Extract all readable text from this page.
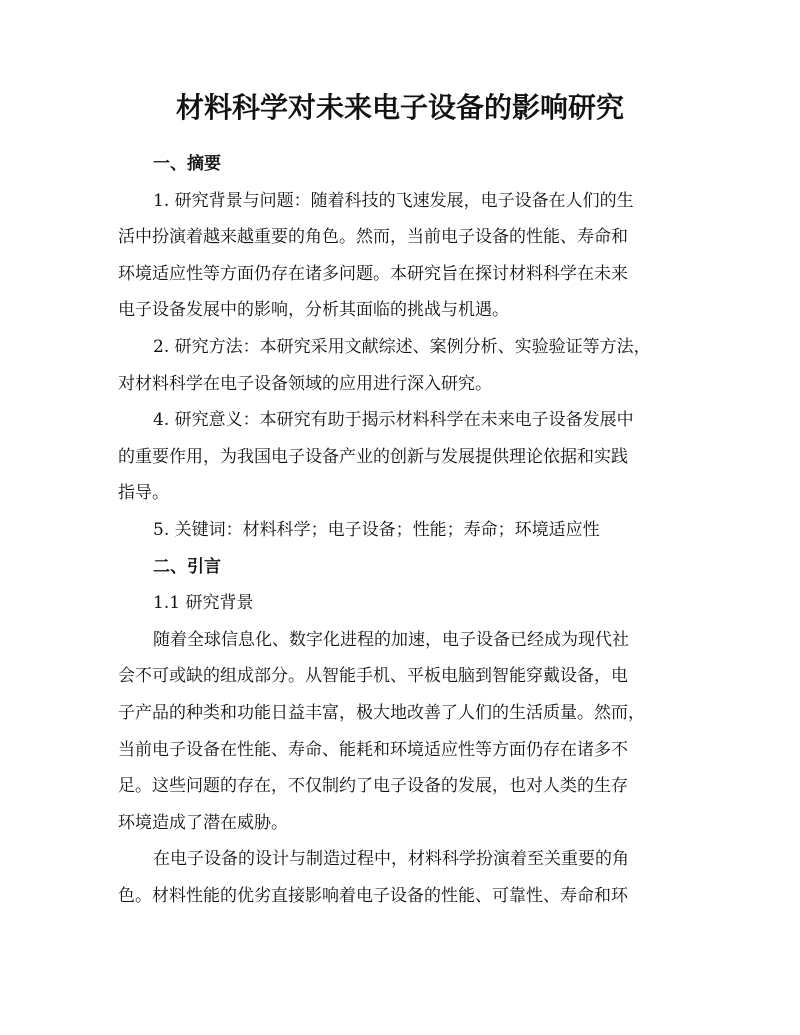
材料科学对未来电子设备的影响研究

一、摘要

1. 研究背景与问题：随着科技的飞速发展，电子设备在人们的生

活中扮演着越来越重要的角色。然而，当前电子设备的性能、寿命和

环境适应性等方面仍存在诸多问题。本研究旨在探讨材料科学在未来

电子设备发展中的影响，分析其面临的挑战与机遇。

2. 研究方法：本研究采用文献综述、案例分析、实验验证等方法，

对材料科学在电子设备领域的应用进行深入研究。

4. 研究意义：本研究有助于揭示材料科学在未来电子设备发展中

的重要作用，为我国电子设备产业的创新与发展提供理论依据和实践

指导。

5. 关键词：材料科学；电子设备；性能；寿命；环境适应性

二、引言

1.1 研究背景

随着全球信息化、数字化进程的加速，电子设备已经成为现代社

会不可或缺的组成部分。从智能手机、平板电脑到智能穿戴设备，电

子产品的种类和功能日益丰富，极大地改善了人们的生活质量。然而，

当前电子设备在性能、寿命、能耗和环境适应性等方面仍存在诸多不

足。这些问题的存在，不仅制约了电子设备的发展，也对人类的生存

环境造成了潜在威胁。

在电子设备的设计与制造过程中，材料科学扮演着至关重要的角

色。材料性能的优劣直接影响着电子设备的性能、可靠性、寿命和环
